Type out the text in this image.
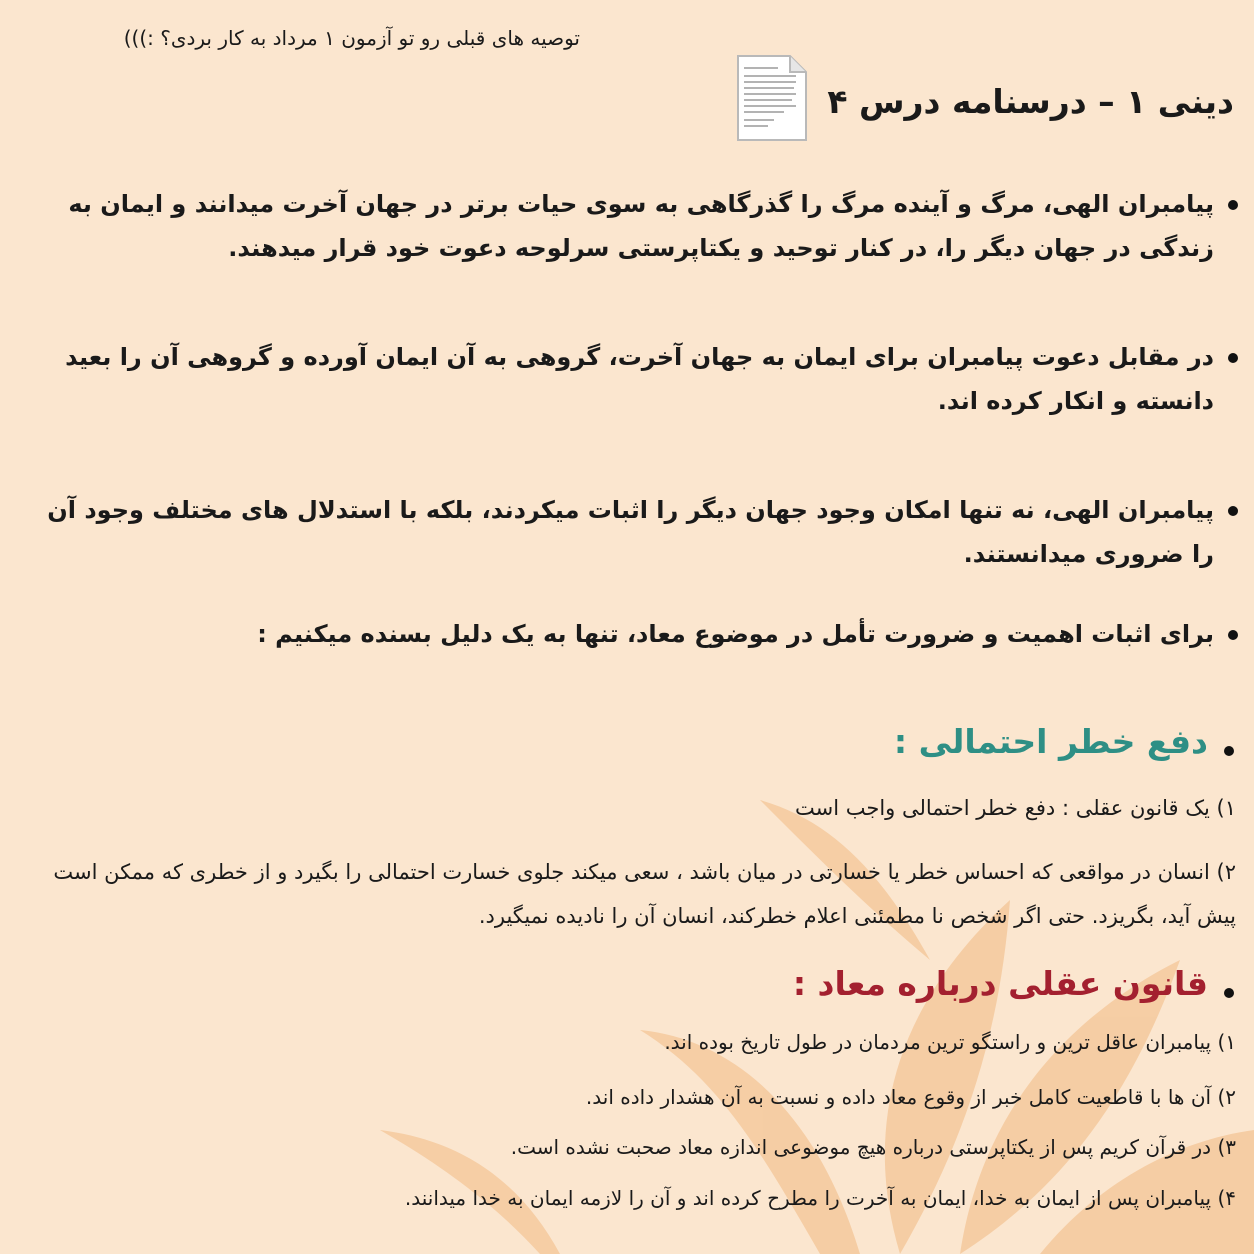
توصیه های قبلی رو تو آزمون ۱ مرداد به کار بردی؟ :)))
دینی ۱ – درسنامه درس ۴
پیامبران الهی، مرگ و آینده مرگ را گذرگاهی به سوی حیات برتر در جهان آخرت میدانند و ایمان به زندگی در جهان دیگر را، در کنار توحید و یکتاپرستی سرلوحه دعوت خود قرار میدهند.
در مقابل دعوت پیامبران برای ایمان به جهان آخرت، گروهی به آن ایمان آورده و گروهی آن را بعید دانسته و انکار کرده اند.
پیامبران الهی، نه تنها امکان وجود جهان دیگر را اثبات میکردند، بلکه با استدلال های مختلف وجود آن را ضروری میدانستند.
برای اثبات اهمیت و ضرورت تأمل در موضوع معاد، تنها به یک دلیل بسنده میکنیم :
دفع خطر احتمالی :
۱) یک قانون عقلی : دفع خطر احتمالی واجب است
۲) انسان در مواقعی که احساس خطر یا خسارتی در میان باشد ، سعی میکند جلوی خسارت احتمالی را بگیرد و از خطری که ممکن است پیش آید، بگریزد. حتی اگر شخص نا مطمئنی اعلام خطرکند، انسان آن را نادیده نمیگیرد.
قانون عقلی درباره معاد :
۱) پیامبران عاقل ترین و راستگو ترین مردمان در طول تاریخ بوده اند.
۲) آن ها با قاطعیت کامل خبر از وقوع معاد داده و نسبت به آن هشدار داده اند.
۳) در قرآن کریم پس از یکتاپرستی درباره هیچ موضوعی اندازه معاد صحبت نشده است.
۴) پیامبران پس از ایمان به خدا، ایمان به آخرت را مطرح کرده اند و آن را لازمه ایمان به خدا میدانند.
